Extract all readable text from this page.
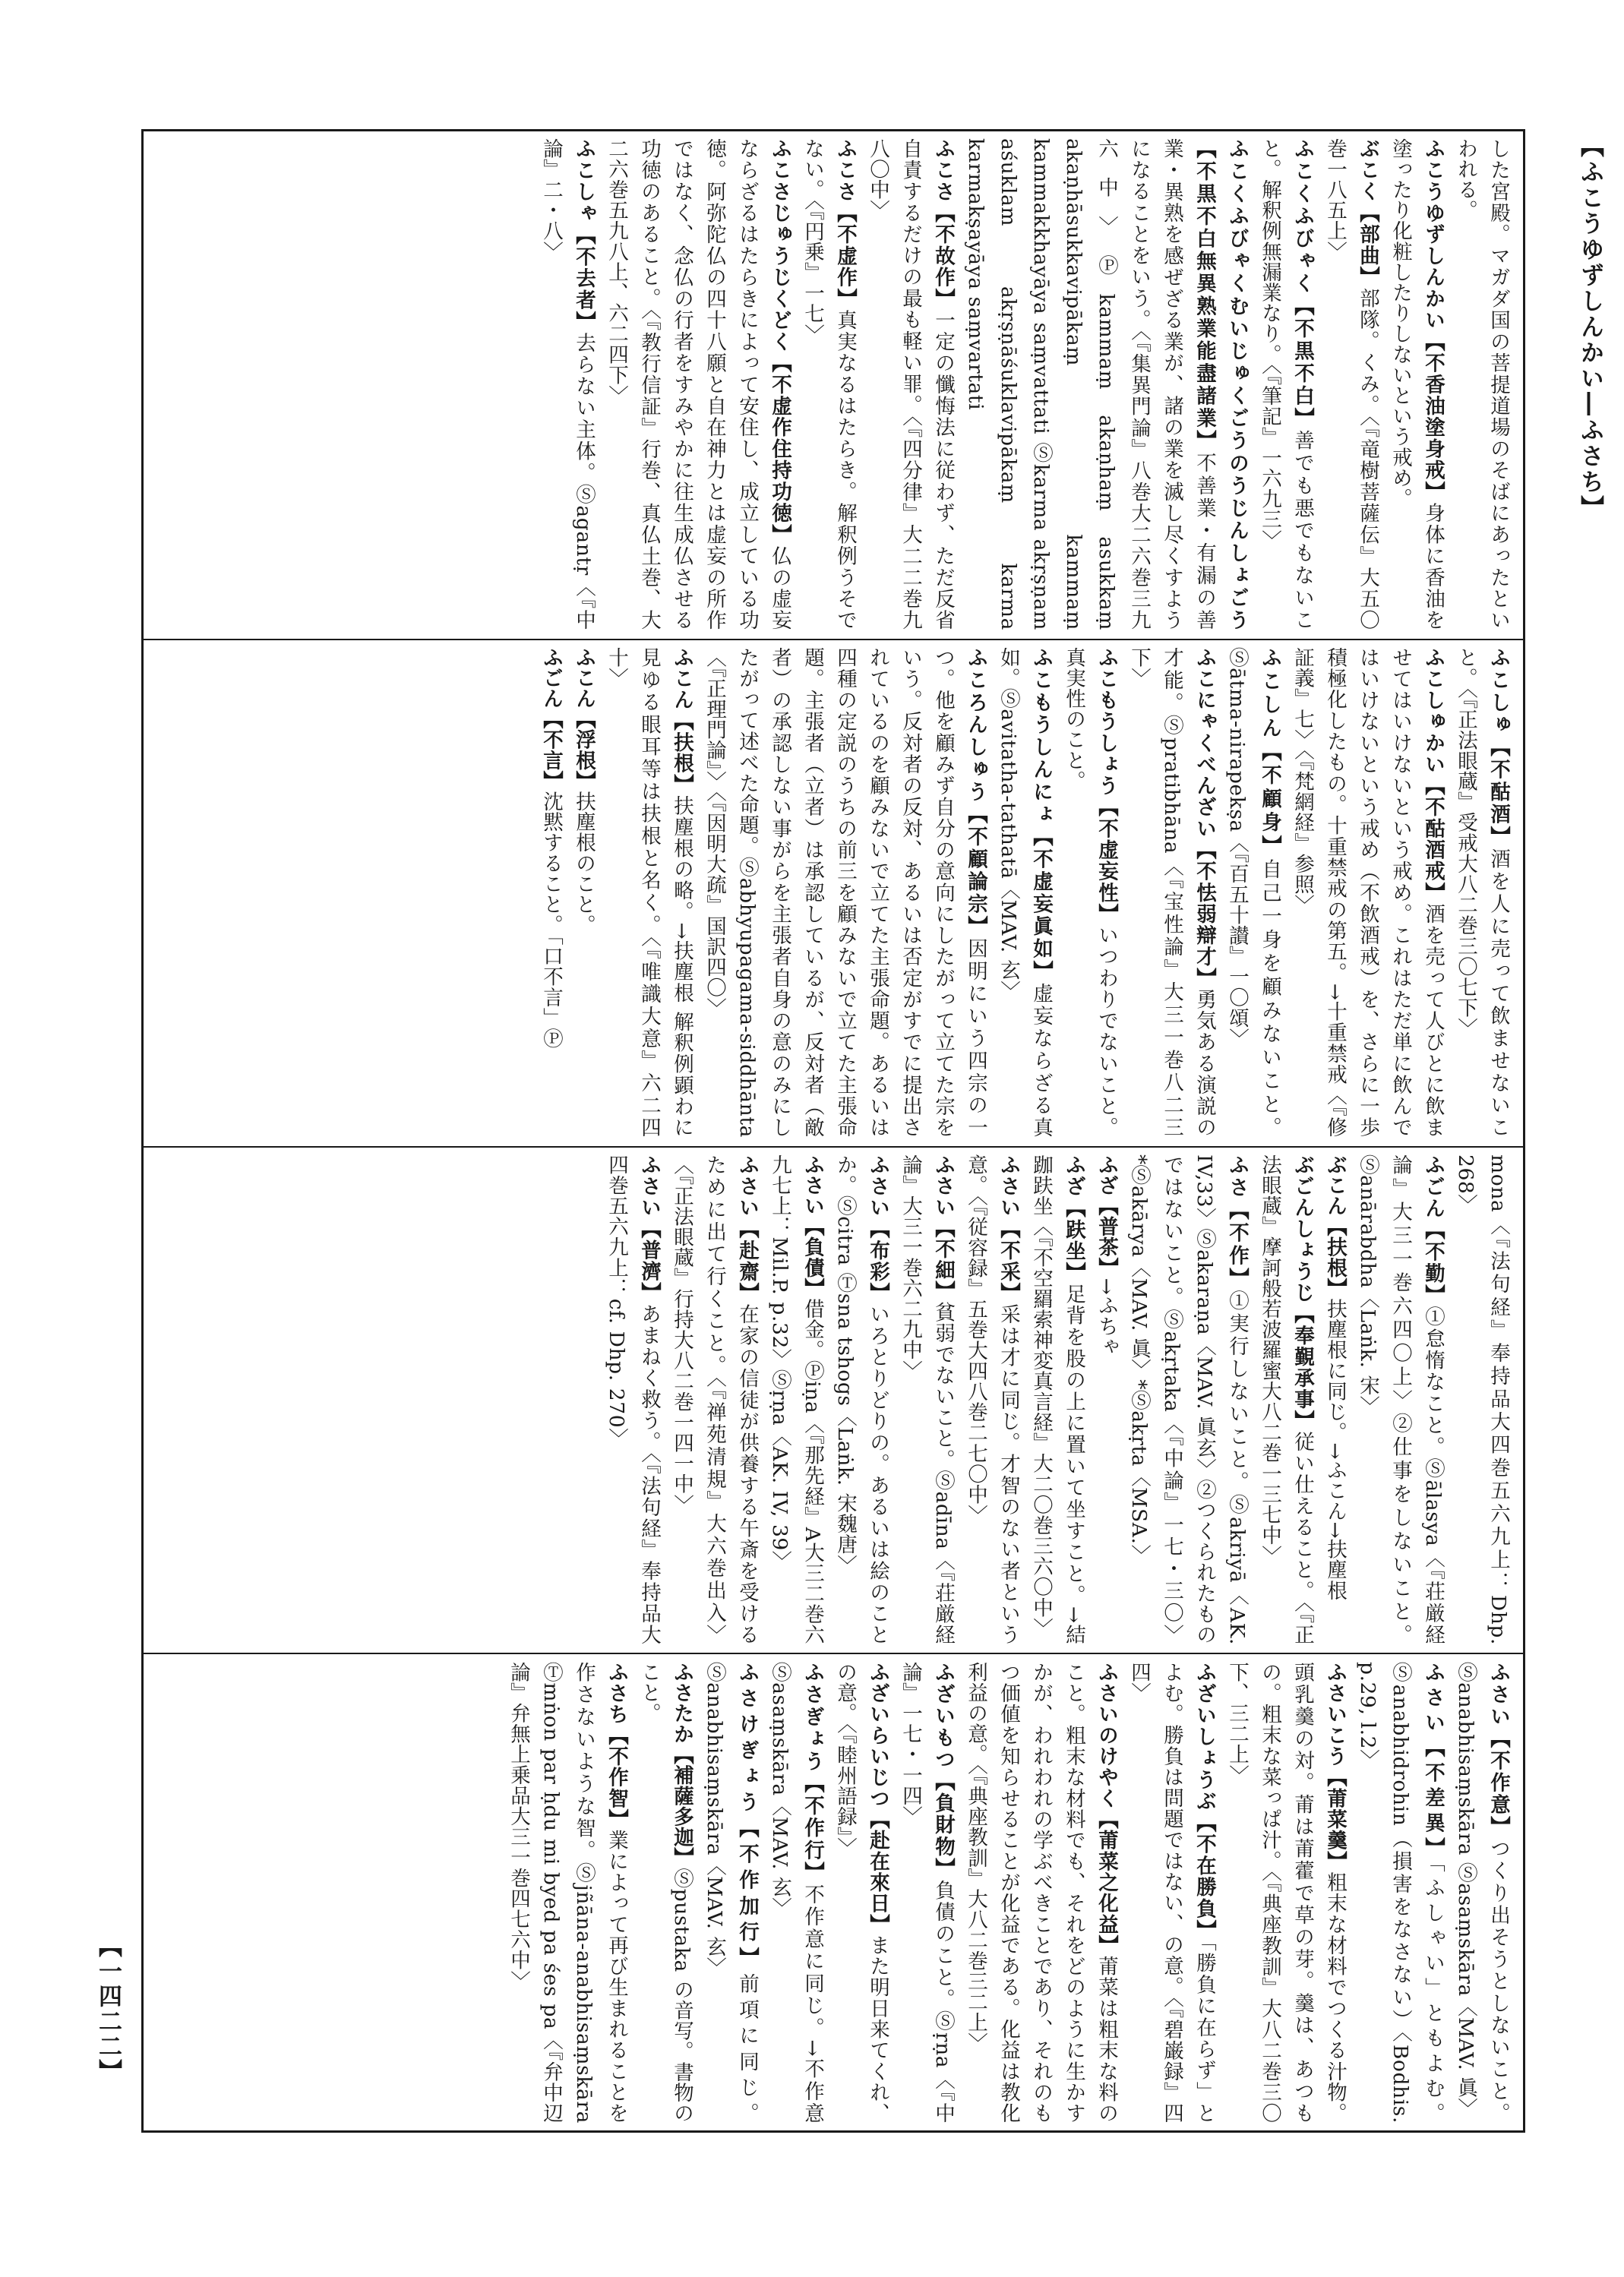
【ふこうゆずしんかい―ふさち】
【一四二二】
した宮殿。マガダ国の菩提道場のそばにあったといわれる。ふこうゆずしんかい【不香油塗身戒】身体に香油を塗ったり化粧したりしないという戒め。ぶこく【部曲】部隊。くみ。〈『竜樹菩薩伝』大五〇巻一八五上〉ふこくふびゃく【不黒不白】善でも悪でもないこと。解釈例無漏業なり。〈『筆記』一六九三〉ふこくふびゃくむいじゅくごうのうじんしょごう【不黒不白無異熟業能盡諸業】不善業・有漏の善業・異熟を感ぜざる業が、諸の業を滅し尽くすようになることをいう。〈『集異門論』八巻大二六巻三九六中〉Ⓟkammaṃ akaṇhaṃ asukkaṃ akaṇhāsukkavipākaṃ kammaṃ kammakkhayāya saṃvattati Ⓢkarma akṛṣṇam aśuklam akṛṣṇāśuklavipākaṃ karma karmakṣayāya saṃvartatiふこさ【不故作】一定の懺悔法に従わず、ただ反省自責するだけの最も軽い罪。〈『四分律』大二二巻九八〇中〉ふこさ【不虚作】真実なるはたらき。解釈例うそでない。〈『円乗』一七〉ふこさじゅうじくどく【不虚作住持功徳】仏の虚妄ならざるはたらきによって安住し、成立している功徳。阿弥陀仏の四十八願と自在神力とは虚妄の所作ではなく、念仏の行者をすみやかに往生成仏させる功徳のあること。〈『教行信証』行巻、真仏土巻、大二六巻五九八上、六二四下〉ふこしゃ【不去者】去らない主体。Ⓢagantṛ〈『中論』二・八〉
ふこしゅ【不酤酒】酒を人に売って飲ませないこと。〈『正法眼蔵』受戒大八二巻三〇七下〉ふこしゅかい【不酤酒戒】酒を売って人びとに飲ませてはいけないという戒め。これはただ単に飲んではいけないという戒め（不飲酒戒）を、さらに一歩積極化したもの。十重禁戒の第五。→十重禁戒〈『修証義』七〉〈『梵網経』参照〉ふこしん【不顧身】自己一身を顧みないこと。Ⓢātma-nirapekṣa〈『百五十讃』一〇頌〉ふこにゃくべんざい【不怯弱辯才】勇気ある演説の才能。Ⓢpratibhāna〈『宝性論』大三一巻八二三下〉ふこもうしょう【不虚妄性】いつわりでないこと。真実性のこと。ふこもうしんにょ【不虚妄眞如】虚妄ならざる真如。Ⓢavitatha-tathatā〈MAV. 玄〉ふころんしゅう【不顧論宗】因明にいう四宗の一つ。他を顧みず自分の意向にしたがって立てた宗をいう。反対者の反対、あるいは否定がすでに提出されているのを顧みないで立てた主張命題。あるいは四種の定説のうちの前三を顧みないで立てた主張命題。主張者（立者）は承認しているが、反対者（敵者）の承認しない事がらを主張者自身の意のみにしたがって述べた命題。Ⓢabhyupagama-siddhānta〈『正理門論』〉〈『因明大疏』国訳四〇〉ふこん【扶根】扶塵根の略。→扶塵根 解釈例顕わに見ゆる眼耳等は扶根と名く。〈『唯識大意』六二四十〉ふこん【浮根】扶塵根のこと。ふごん【不言】沈黙すること。「口不言」Ⓟ
mona〈『法句経』奉持品大四巻五六九上：Dhp. 268〉ふごん【不勤】①怠惰なこと。Ⓢālasya〈『荘厳経論』大三一巻六四〇上〉②仕事をしないこと。Ⓢanārabdha〈Laṅk. 宋〉ぶこん【扶根】扶塵根に同じ。→ふこん→扶塵根ぶごんしょうじ【奉覲承事】従い仕えること。〈『正法眼蔵』摩訶般若波羅蜜大八二巻一三七中〉ふさ【不作】①実行しないこと。Ⓢakriyā〈AK. IV,33〉Ⓢakaraṇa〈MAV. 眞玄〉②つくられたものではないこと。Ⓢakṛtaka〈『中論』一七・三〇〉*Ⓢakārya〈MAV. 眞〉*Ⓢakṛta〈MSA.〉ふざ【普茶】→ふちゃふざ【趺坐】足背を股の上に置いて坐すこと。→結跏趺坐〈『不空羂索神変真言経』大二〇巻三六〇中〉ふさい【不采】采は才に同じ。才智のない者という意。〈『従容録』五巻大四八巻二七〇中〉ふさい【不細】貧弱でないこと。Ⓢadīna〈『荘厳経論』大三一巻六二九中〉ふさい【布彩】いろとりどりの。あるいは絵のことか。Ⓢcitra Ⓣsna tshogs〈Laṅk. 宋魏唐〉ふさい【負債】借金。Ⓟiṇa〈『那先経』A大三二巻六九七上：Mil.P. p.32〉Ⓢṛṇa〈AK. IV, 39〉ふさい【赴齋】在家の信徒が供養する午斎を受けるために出て行くこと。〈『禅苑清規』大六巻出入〉〈『正法眼蔵』行持大八二巻一四一中〉ふさい【普濟】あまねく救う。〈『法句経』奉持品大四巻五六九上：cf. Dhp. 270〉
ふさい【不作意】つくり出そうとしないこと。Ⓢanabhisaṃskāra Ⓢasaṃskāra〈MAV. 眞〉ふさい【不差異】「ふしゃい」ともよむ。Ⓢanabhidrohin（損害をなさない）〈Bodhis. p.29, l.2〉ふさいこう【莆菜羹】粗末な材料でつくる汁物。頭乳羹の対。莆は莆藿で草の芽。羹は、あつもの。粗末な菜っぱ汁。〈『典座教訓』大八二巻三〇下、三二上〉ふざいしょうぶ【不在勝負】「勝負に在らず」とよむ。勝負は問題ではない、の意。〈『碧巌録』四四〉ふさいのけやく【莆菜之化益】莆菜は粗末な料のこと。粗末な材料でも、それをどのように生かすかが、われわれの学ぶべきことであり、それのもつ価値を知らせることが化益である。化益は教化利益の意。〈『典座教訓』大八二巻三二上〉ふざいもつ【負財物】負債のこと。Ⓢṛṇa〈『中論』一七・一四〉ふざいらいじつ【赴在來日】また明日来てくれ、の意。〈『睦州語録』〉ふさぎょう【不作行】不作意に同じ。→不作意 Ⓢasaṃskāra〈MAV. 玄〉ふさけぎょう【不作加行】前項に同じ。Ⓢanabhisaṃskāra〈MAV. 玄〉ふさたか【補薩多迦】Ⓢpustaka の音写。書物のこと。ふさち【不作智】業によって再び生まれることを作さないような智。Ⓢjñāna-anabhisaṃskāra Ⓣmṅon par ḥdu mi byed pa śes pa〈『弁中辺論』弁無上乗品大三一巻四七六中〉
